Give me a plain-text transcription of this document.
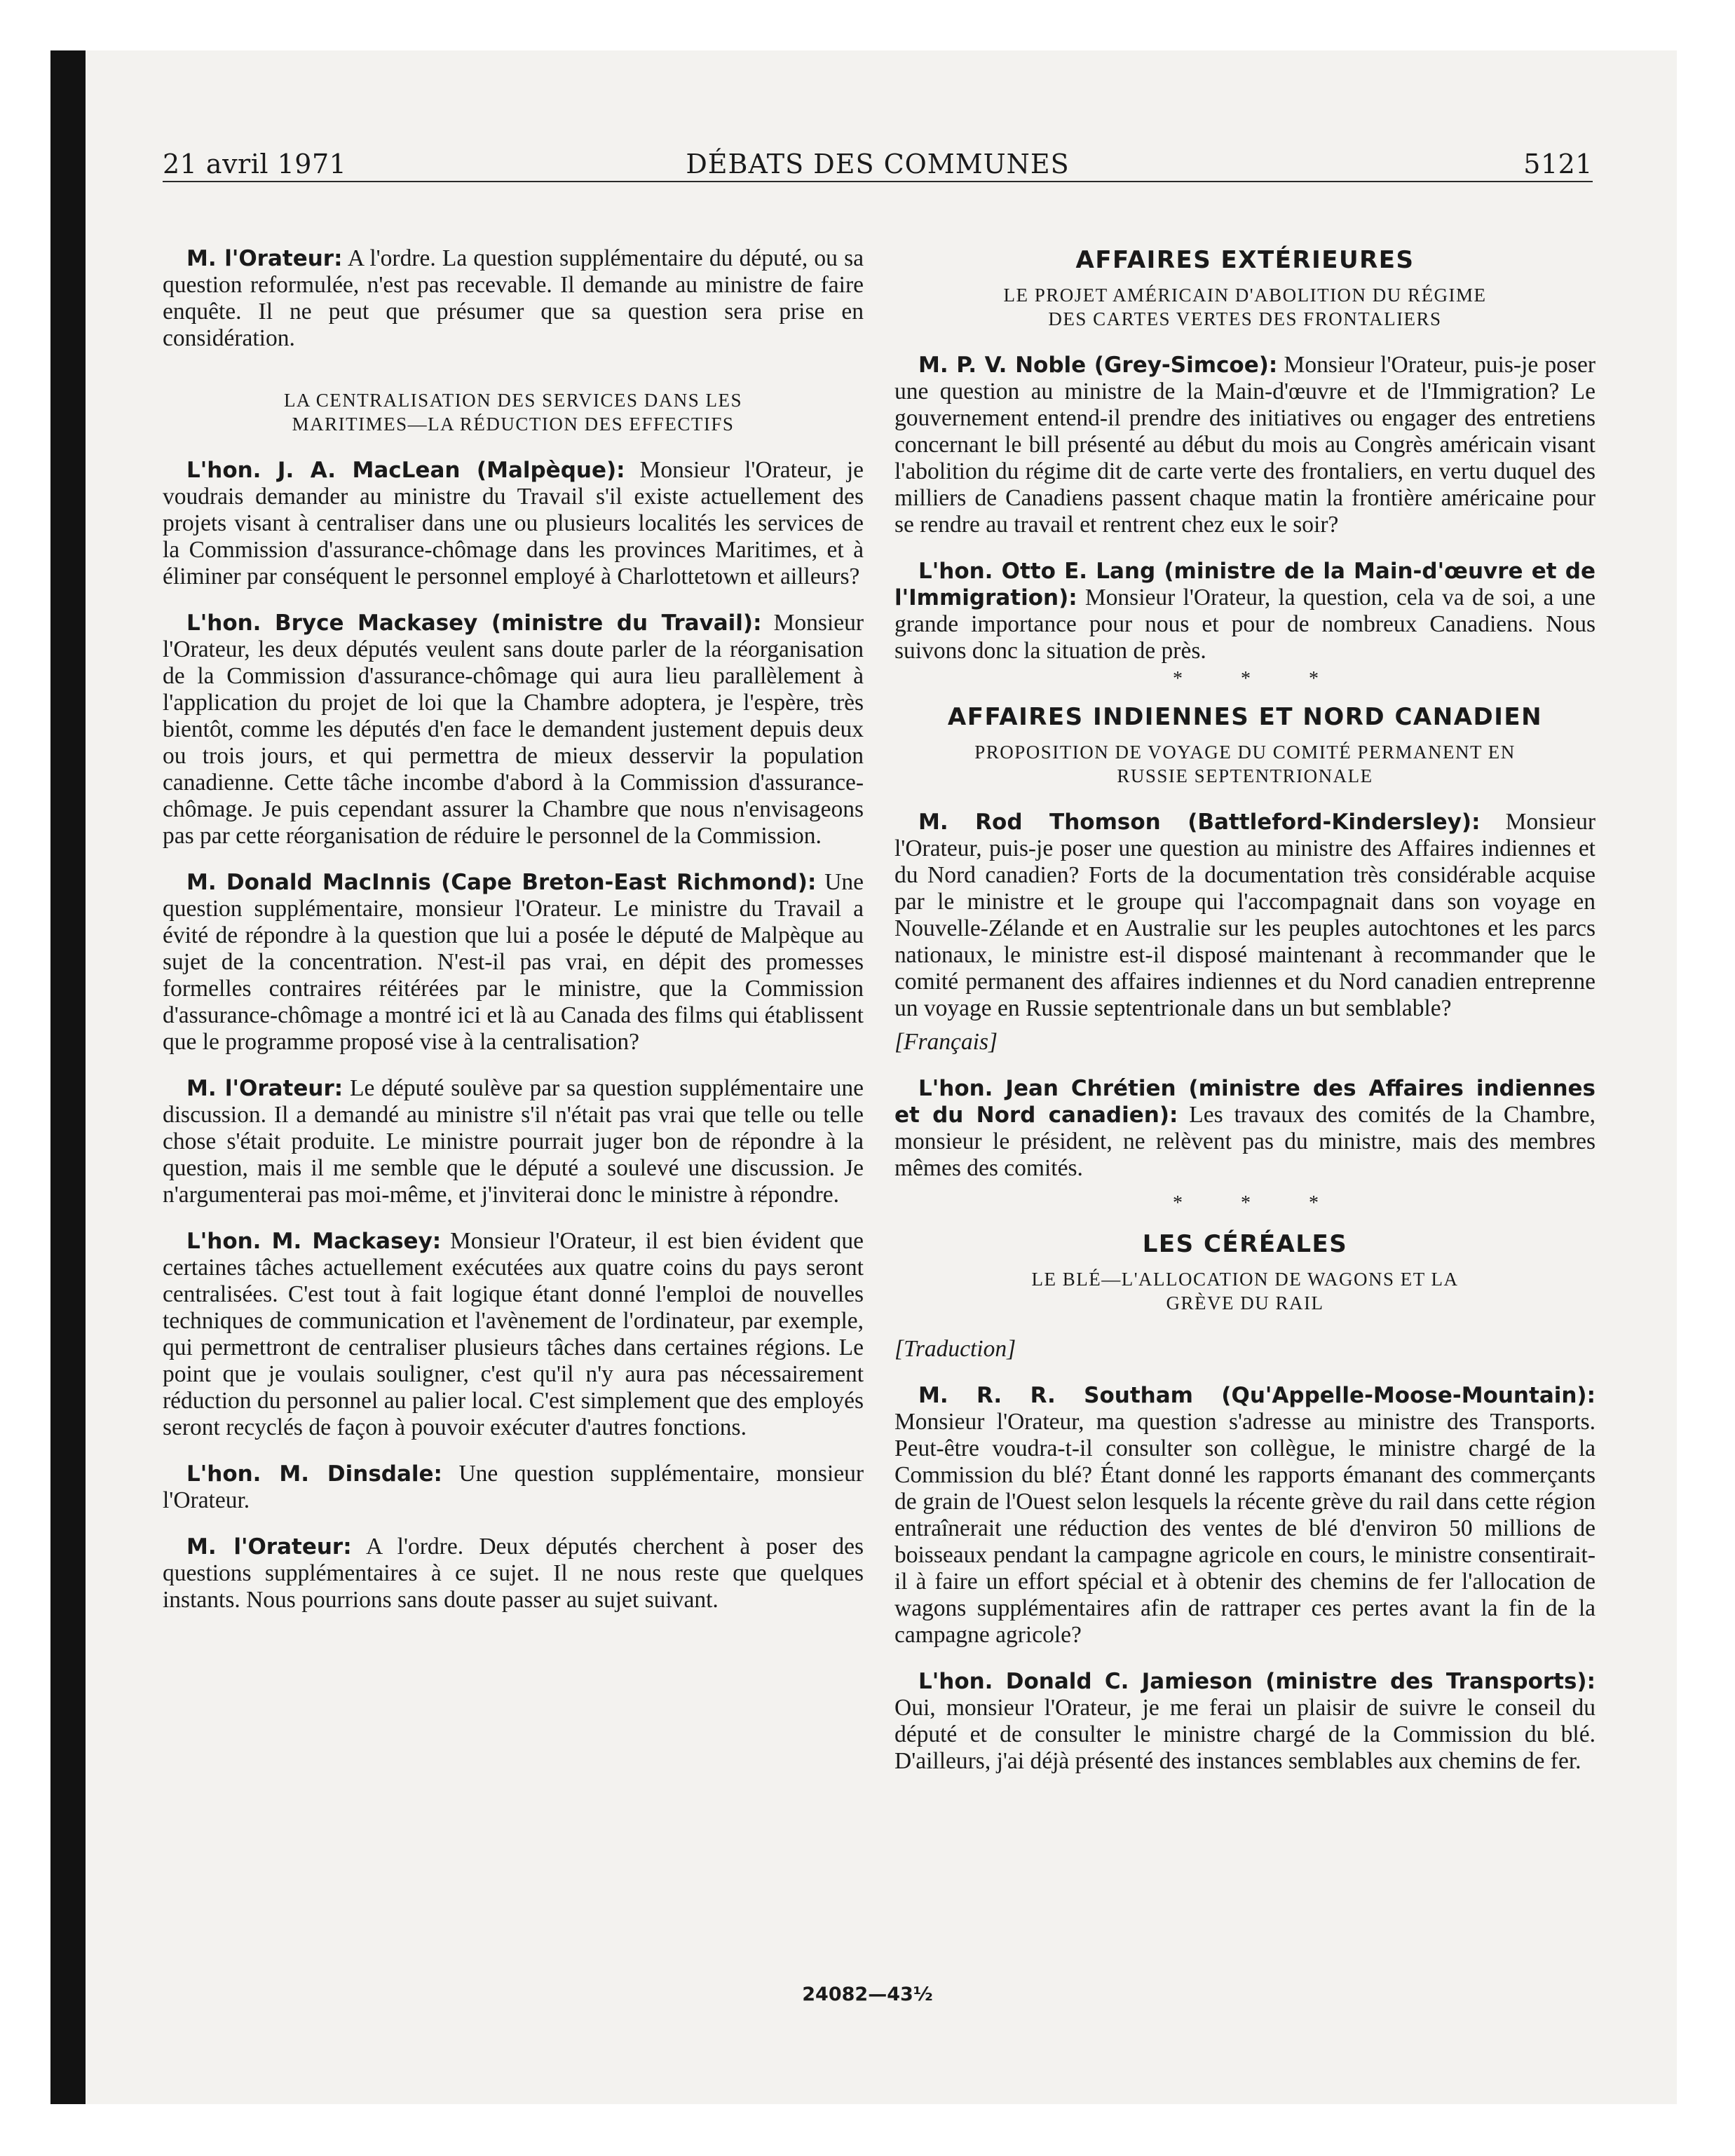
21 avril 1971	DÉBATS DES COMMUNES	5121

M. l'Orateur: A l'ordre. La question supplémentaire du député, ou sa question reformulée, n'est pas recevable. Il demande au ministre de faire enquête. Il ne peut que présumer que sa question sera prise en considération.

LA CENTRALISATION DES SERVICES DANS LES
MARITIMES—LA RÉDUCTION DES EFFECTIFS

L'hon. J. A. MacLean (Malpèque): Monsieur l'Orateur, je voudrais demander au ministre du Travail s'il existe actuellement des projets visant à centraliser dans une ou plusieurs localités les services de la Commission d'assurance-chômage dans les provinces Maritimes, et à éliminer par conséquent le personnel employé à Charlottetown et ailleurs?

L'hon. Bryce Mackasey (ministre du Travail): Monsieur l'Orateur, les deux députés veulent sans doute parler de la réorganisation de la Commission d'assurance-chômage qui aura lieu parallèlement à l'application du projet de loi que la Chambre adoptera, je l'espère, très bientôt, comme les députés d'en face le demandent justement depuis deux ou trois jours, et qui permettra de mieux desservir la population canadienne. Cette tâche incombe d'abord à la Commission d'assurance-chômage. Je puis cependant assurer la Chambre que nous n'envisageons pas par cette réorganisation de réduire le personnel de la Commission.

M. Donald MacInnis (Cape Breton-East Richmond): Une question supplémentaire, monsieur l'Orateur. Le ministre du Travail a évité de répondre à la question que lui a posée le député de Malpèque au sujet de la concentration. N'est-il pas vrai, en dépit des promesses formelles contraires réitérées par le ministre, que la Commission d'assurance-chômage a montré ici et là au Canada des films qui établissent que le programme proposé vise à la centralisation?

M. l'Orateur: Le député soulève par sa question supplémentaire une discussion. Il a demandé au ministre s'il n'était pas vrai que telle ou telle chose s'était produite. Le ministre pourrait juger bon de répondre à la question, mais il me semble que le député a soulevé une discussion. Je n'argumenterai pas moi-même, et j'inviterai donc le ministre à répondre.

L'hon. M. Mackasey: Monsieur l'Orateur, il est bien évident que certaines tâches actuellement exécutées aux quatre coins du pays seront centralisées. C'est tout à fait logique étant donné l'emploi de nouvelles techniques de communication et l'avènement de l'ordinateur, par exemple, qui permettront de centraliser plusieurs tâches dans certaines régions. Le point que je voulais souligner, c'est qu'il n'y aura pas nécessairement réduction du personnel au palier local. C'est simplement que des employés seront recyclés de façon à pouvoir exécuter d'autres fonctions.

L'hon. M. Dinsdale: Une question supplémentaire, monsieur l'Orateur.

M. l'Orateur: A l'ordre. Deux députés cherchent à poser des questions supplémentaires à ce sujet. Il ne nous reste que quelques instants. Nous pourrions sans doute passer au sujet suivant.

AFFAIRES EXTÉRIEURES
LE PROJET AMÉRICAIN D'ABOLITION DU RÉGIME
DES CARTES VERTES DES FRONTALIERS

M. P. V. Noble (Grey-Simcoe): Monsieur l'Orateur, puis-je poser une question au ministre de la Main-d'œuvre et de l'Immigration? Le gouvernement entend-il prendre des initiatives ou engager des entretiens concernant le bill présenté au début du mois au Congrès américain visant l'abolition du régime dit de carte verte des frontaliers, en vertu duquel des milliers de Canadiens passent chaque matin la frontière américaine pour se rendre au travail et rentrent chez eux le soir?

L'hon. Otto E. Lang (ministre de la Main-d'œuvre et de l'Immigration): Monsieur l'Orateur, la question, cela va de soi, a une grande importance pour nous et pour de nombreux Canadiens. Nous suivons donc la situation de près.

* * *
AFFAIRES INDIENNES ET NORD CANADIEN
PROPOSITION DE VOYAGE DU COMITÉ PERMANENT EN
RUSSIE SEPTENTRIONALE

M. Rod Thomson (Battleford-Kindersley): Monsieur l'Orateur, puis-je poser une question au ministre des Affaires indiennes et du Nord canadien? Forts de la documentation très considérable acquise par le ministre et le groupe qui l'accompagnait dans son voyage en Nouvelle-Zélande et en Australie sur les peuples autochtones et les parcs nationaux, le ministre est-il disposé maintenant à recommander que le comité permanent des affaires indiennes et du Nord canadien entreprenne un voyage en Russie septentrionale dans un but semblable?

[Français]

L'hon. Jean Chrétien (ministre des Affaires indiennes et du Nord canadien): Les travaux des comités de la Chambre, monsieur le président, ne relèvent pas du ministre, mais des membres mêmes des comités.

* * *
LES CÉRÉALES
LE BLÉ—L'ALLOCATION DE WAGONS ET LA
GRÈVE DU RAIL

[Traduction]

M. R. R. Southam (Qu'Appelle-Moose-Mountain): Monsieur l'Orateur, ma question s'adresse au ministre des Transports. Peut-être voudra-t-il consulter son collègue, le ministre chargé de la Commission du blé? Étant donné les rapports émanant des commerçants de grain de l'Ouest selon lesquels la récente grève du rail dans cette région entraînerait une réduction des ventes de blé d'environ 50 millions de boisseaux pendant la campagne agricole en cours, le ministre consentirait-il à faire un effort spécial et à obtenir des chemins de fer l'allocation de wagons supplémentaires afin de rattraper ces pertes avant la fin de la campagne agricole?

L'hon. Donald C. Jamieson (ministre des Transports): Oui, monsieur l'Orateur, je me ferai un plaisir de suivre le conseil du député et de consulter le ministre chargé de la Commission du blé. D'ailleurs, j'ai déjà présenté des instances semblables aux chemins de fer.

24082—43½
